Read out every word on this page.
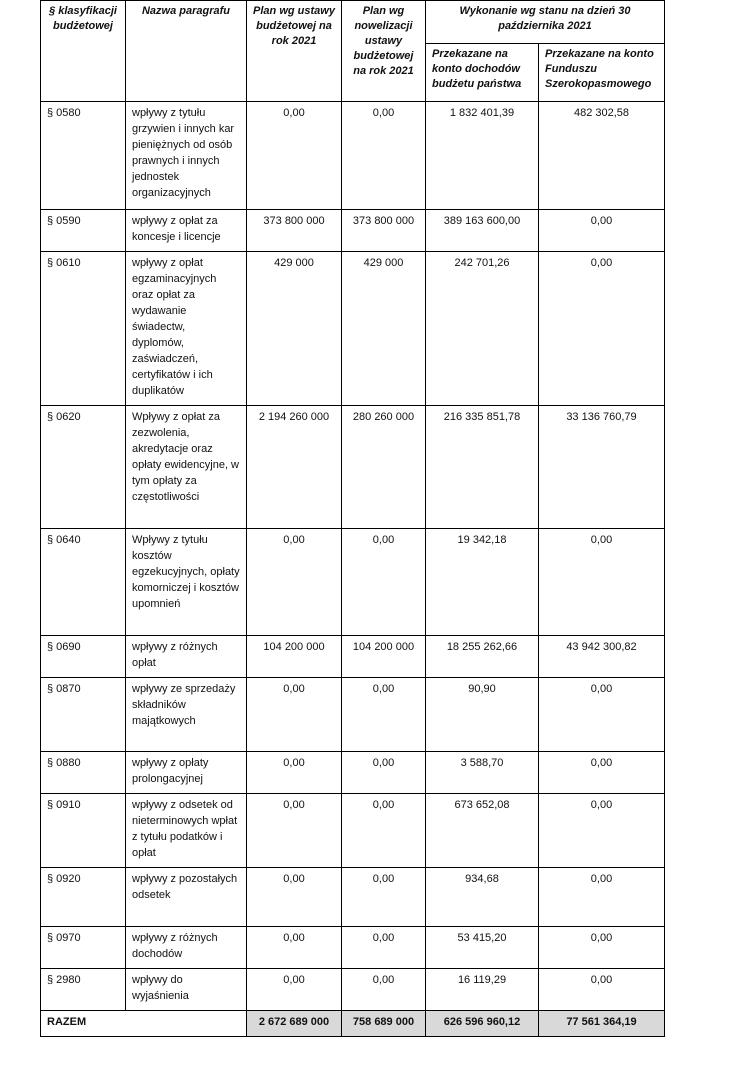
§ klasyfikacji budżetowej	Nazwa paragrafu	Plan wg ustawy budżetowej na rok 2021	Plan wg nowelizacji ustawy budżetowej na rok 2021	Wykonanie wg stanu na dzień 30 października 2021	
				Przekazane na konto dochodów budżetu państwa	Przekazane na konto Funduszu Szerokopasmowego
§ 0580	wpływy z tytułu grzywien i innych kar pieniężnych od osób prawnych i innych jednostek organizacyjnych	0,00	0,00	1 832 401,39	482 302,58
§ 0590	wpływy z opłat za koncesje i licencje	373 800 000	373 800 000	389 163 600,00	0,00
§ 0610	wpływy z opłat egzaminacyjnych oraz opłat za wydawanie świadectw, dyplomów, zaświadczeń, certyfikatów i ich duplikatów	429 000	429 000	242 701,26	0,00
§ 0620	Wpływy z opłat za zezwolenia, akredytacje oraz opłaty ewidencyjne, w tym opłaty za częstotliwości	2 194 260 000	280 260 000	216 335 851,78	33 136 760,79
§ 0640	Wpływy z tytułu kosztów egzekucyjnych, opłaty komorniczej i kosztów upomnień	0,00	0,00	19 342,18	0,00
§ 0690	wpływy z różnych opłat	104 200 000	104 200 000	18 255 262,66	43 942 300,82
§ 0870	wpływy ze sprzedaży składników majątkowych	0,00	0,00	90,90	0,00
§ 0880	wpływy z opłaty prolongacyjnej	0,00	0,00	3 588,70	0,00
§ 0910	wpływy z odsetek od nieterminowych wpłat z tytułu podatków i opłat	0,00	0,00	673 652,08	0,00
§ 0920	wpływy z pozostałych odsetek	0,00	0,00	934,68	0,00
§ 0970	wpływy z różnych dochodów	0,00	0,00	53 415,20	0,00
§ 2980	wpływy do wyjaśnienia	0,00	0,00	16 119,29	0,00
RAZEM		2 672 689 000	758 689 000	626 596 960,12	77 561 364,19
